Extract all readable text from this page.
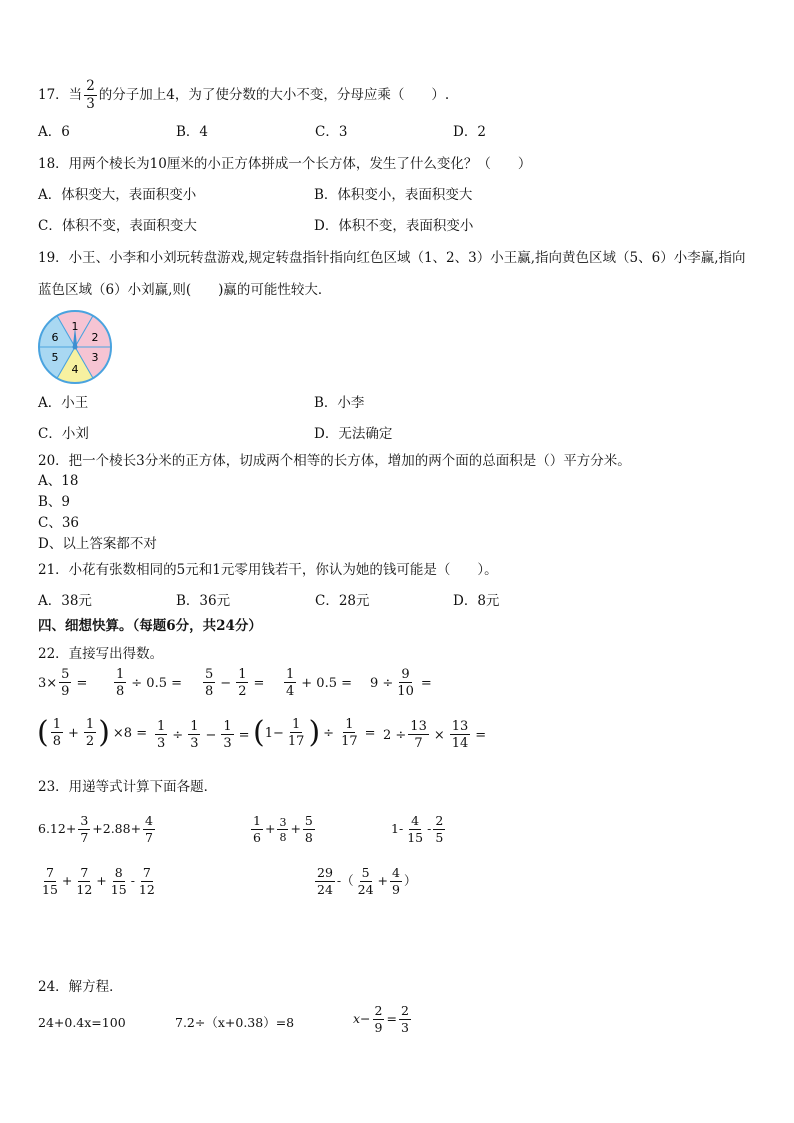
17．当 $\frac{2}{3}$ 的分子加上4，为了使分数的大小不变，分母应乘（　　）.
A．6	B．4	C．3	D．2
18．用两个棱长为10厘米的小正方体拼成一个长方体，发生了什么变化？（　　）
A．体积变大，表面积变小	B．体积变小，表面积变大
C．体积不变，表面积变大	D．体积不变，表面积变小
19．小王、小李和小刘玩转盘游戏,规定转盘指针指向红色区域（1、2、3）小王赢,指向黄色区域（5、6）小李赢,指向
蓝色区域（6）小刘赢,则(　　)赢的可能性较大．
1
2
3
4
5
6
A．小王	B．小李
C．小刘	D．无法确定
20．把一个棱长3分米的正方体，切成两个相等的长方体，增加的两个面的总面积是（）平方分米。
A、18
B、9
C、36
D、以上答案都不对
21．小花有张数相同的5元和1元零用钱若干，你认为她的钱可能是（　　）。
A．38元	B．36元	C．28元	D．8元
四、细想快算。（每题6分，共24分）
22．直接写出得数。
$3\times \frac{5}{9} = \frac{1}{8} \div 0.5 = \frac{5}{8} - \frac{1}{2} = \frac{1}{4} + 0.5 = 9 \div \frac{9}{10}$ =
( $\frac{1}{8} + \frac{1}{2}$ ) $\times 8 = \frac{1}{3} \div \frac{1}{3} - \frac{1}{3}$ = ( $1- \frac{1}{17}$ ) ÷ $\frac{1}{17} = 2 \div \frac{13}{7} \times \frac{13}{14}$ =
23．用递等式计算下面各题．
$6.12+ \frac{3}{7} +2.88+ \frac{4}{7}$	$\frac{1}{6} + \frac{3}{8} + \frac{5}{8}$	$1- \frac{4}{15} - \frac{2}{5}$
$\frac{7}{15} + \frac{7}{12} + \frac{8}{15} - \frac{7}{12}$	$\frac{29}{24}$ -（ $\frac{5}{24} + \frac{4}{9}$ ）
24．解方程．
24+0.4x=100	7.2÷（x+0.38）=8	$x- \frac{2}{9} = \frac{2}{3}$
